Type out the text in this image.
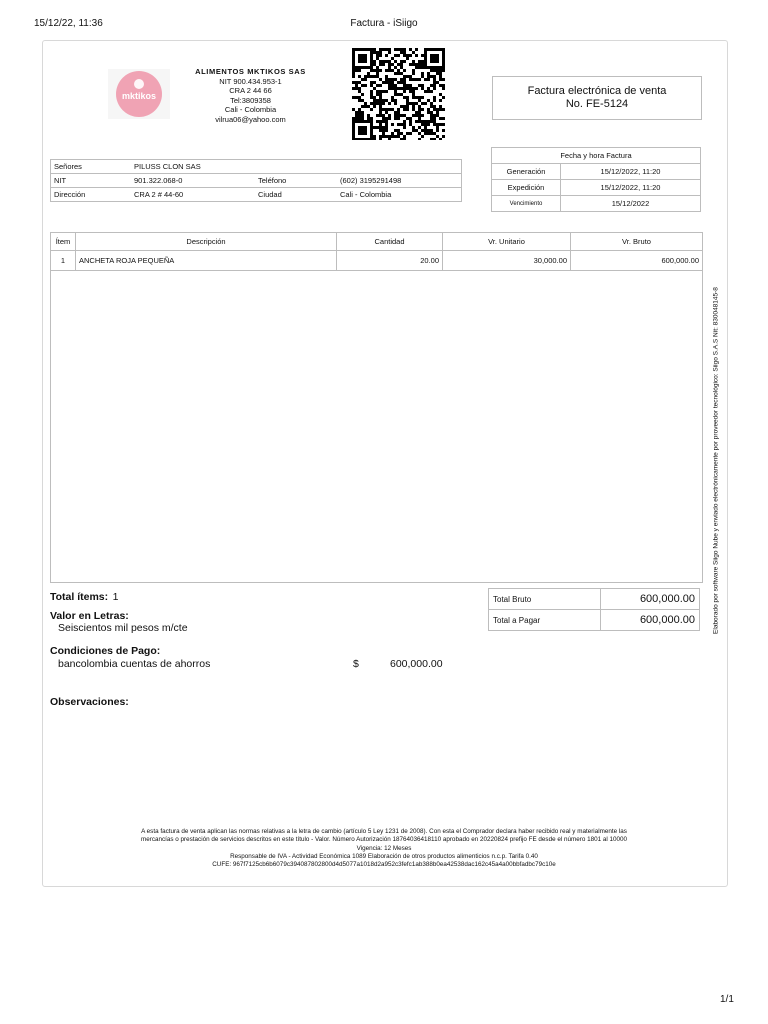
15/12/22, 11:36	Factura - iSiigo
1/1
mktikos
ALIMENTOS MKTIKOS SAS
NIT 900.434.953-1
CRA 2 44 66
Tel:3809358
Cali - Colombia
vilrua06@yahoo.com
Factura electrónica de venta
No. FE-5124
Señores	PILUSS CLON SAS		
NIT	901.322.068-0	Teléfono	(602) 3195291498
Dirección	CRA 2 # 44-60	Ciudad	Cali - Colombia
Fecha y hora Factura	
Generación	15/12/2022, 11:20
Expedición	15/12/2022, 11:20
Vencimiento	15/12/2022
Ítem	Descripción	Cantidad	Vr. Unitario	Vr. Bruto
1	ANCHETA ROJA PEQUEÑA	20.00	30,000.00	600,000.00
Elaborado por software Siigo Nube y enviado electrónicamente por proveedor tecnológico: Siigo S.A.S Nit: 830048145-8
Total ítems: 1
Valor en Letras:
Seiscientos mil pesos m/cte
Condiciones de Pago:
bancolombia cuentas de ahorros	$	600,000.00
Observaciones:
Total Bruto	600,000.00
Total a Pagar	600,000.00

A esta factura de venta aplican las normas relativas a la letra de cambio (artículo 5 Ley 1231 de 2008). Con esta el Comprador declara haber recibido real y materialmente las

mercancías o prestación de servicios descritos en este título - Valor. Número Autorización 18764036418110 aprobado en 20220824 prefijo FE desde el número 1801 al 10000

Vigencia: 12 Meses

Responsable de IVA - Actividad Económica 1089 Elaboración de otros productos alimenticios n.c.p. Tarifa 0.40

CUFE: 967f7125cb6b6079c394087802800d4d5077a1018d2a952c3fefc1ab388b0ea42538dac162c45a4a00bbfadbc79c10e
